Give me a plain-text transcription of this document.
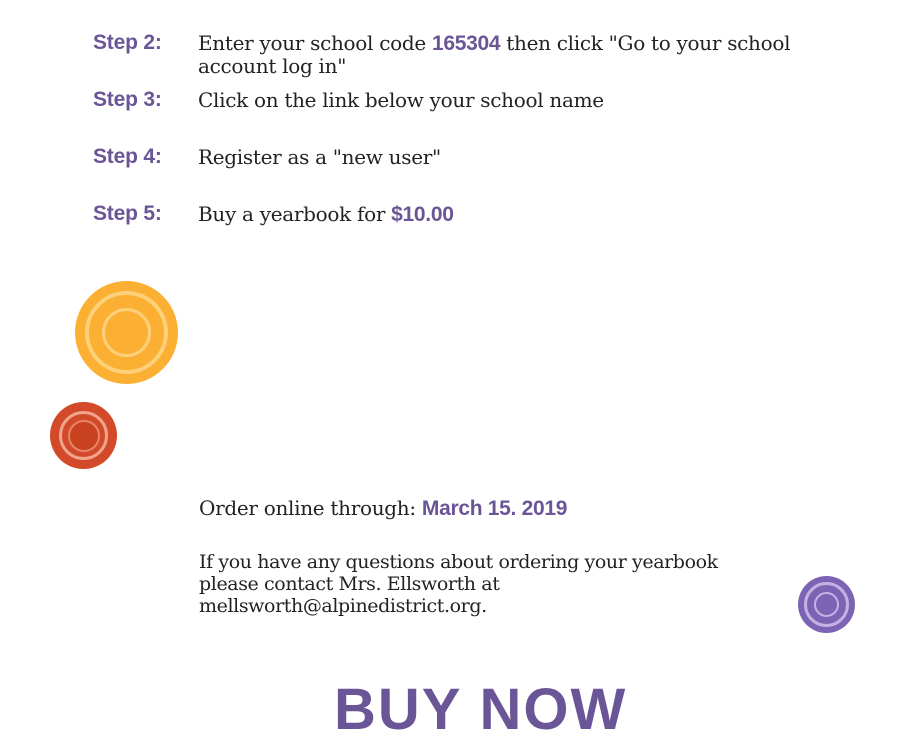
Step 2: Enter your school code 165304 then click "Go to your school account log in"
Step 3: Click on the link below your school name
Step 4: Register as a "new user"
Step 5: Buy a yearbook for $10.00
Order online through: March 15. 2019
If you have any questions about ordering your yearbook please contact Mrs. Ellsworth at mellsworth@alpinedistrict.org.
BUY NOW
